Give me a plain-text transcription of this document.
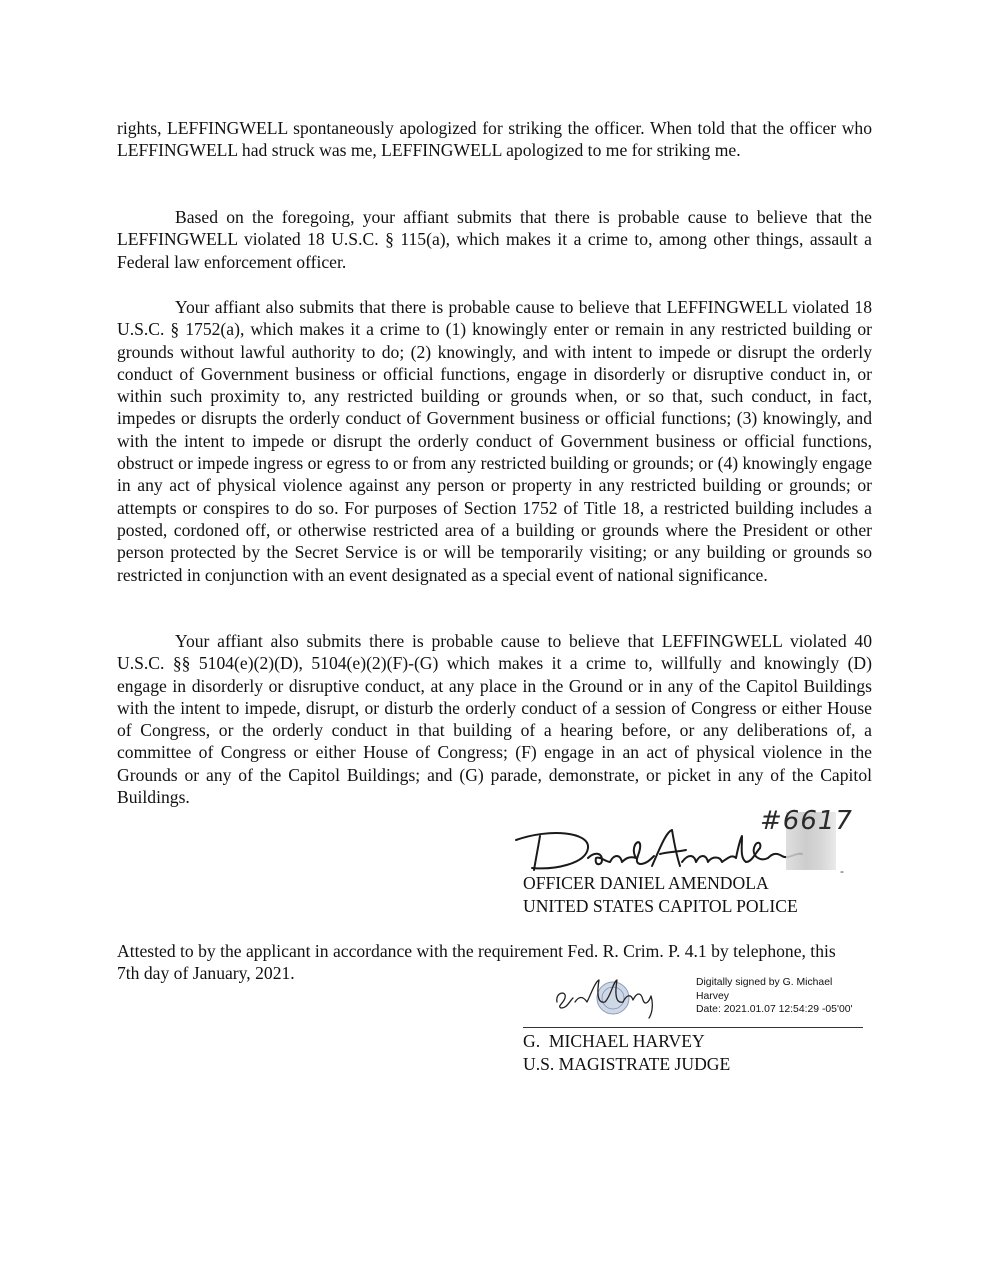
rights, LEFFINGWELL spontaneously apologized for striking the officer. When told that the officer who LEFFINGWELL had struck was me, LEFFINGWELL apologized to me for striking me.

Based on the foregoing, your affiant submits that there is probable cause to believe that the LEFFINGWELL violated 18 U.S.C. § 115(a), which makes it a crime to, among other things, assault a Federal law enforcement officer.

Your affiant also submits that there is probable cause to believe that LEFFINGWELL violated 18 U.S.C. § 1752(a), which makes it a crime to (1) knowingly enter or remain in any restricted building or grounds without lawful authority to do; (2) knowingly, and with intent to impede or disrupt the orderly conduct of Government business or official functions, engage in disorderly or disruptive conduct in, or within such proximity to, any restricted building or grounds when, or so that, such conduct, in fact, impedes or disrupts the orderly conduct of Government business or official functions; (3) knowingly, and with the intent to impede or disrupt the orderly conduct of Government business or official functions, obstruct or impede ingress or egress to or from any restricted building or grounds; or (4) knowingly engage in any act of physical violence against any person or property in any restricted building or grounds; or attempts or conspires to do so. For purposes of Section 1752 of Title 18, a restricted building includes a posted, cordoned off, or otherwise restricted area of a building or grounds where the President or other person protected by the Secret Service is or will be temporarily visiting; or any building or grounds so restricted in conjunction with an event designated as a special event of national significance.

Your affiant also submits there is probable cause to believe that LEFFINGWELL violated 40 U.S.C. §§ 5104(e)(2)(D), 5104(e)(2)(F)-(G) which makes it a crime to, willfully and knowingly (D) engage in disorderly or disruptive conduct, at any place in the Ground or in any of the Capitol Buildings with the intent to impede, disrupt, or disturb the orderly conduct of a session of Congress or either House of Congress, or the orderly conduct in that building of a hearing before, or any deliberations of, a committee of Congress or either House of Congress; (F) engage in an act of physical violence in the Grounds or any of the Capitol Buildings; and (G) parade, demonstrate, or picket in any of the Capitol Buildings.

#6617
-
OFFICER DANIEL AMENDOLA
UNITED STATES CAPITOL POLICE
Attested to by the applicant in accordance with the requirement Fed. R. Crim. P. 4.1 by telephone, this
7th day of January, 2021.	Digitally signed by G. Michael
Harvey
Date: 2021.01.07 12:54:29 -05'00'
G.  MICHAEL HARVEY
U.S. MAGISTRATE JUDGE
